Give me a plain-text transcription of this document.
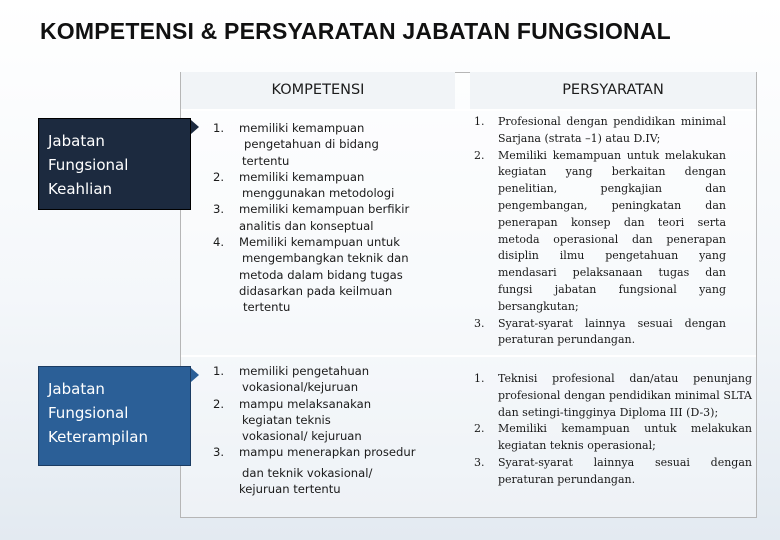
KOMPETENSI & PERSYARATAN JABATAN FUNGSIONAL
KOMPETENSI	PERSYARATAN
Jabatan
Fungsional
Keahlian
1. memiliki kemampuan
pengetahuan di bidang
tertentu
2. memiliki kemampuan
menggunakan metodologi
3. memiliki kemampuan berfikir
analitis dan konseptual
4. Memiliki kemampuan untuk
mengembangkan teknik dan
metoda dalam bidang tugas
didasarkan pada keilmuan
tertentu
1. Profesional dengan pendidikan minimal Sarjana (strata –1) atau D.IV;
2. Memiliki kemampuan untuk melakukan kegiatan yang berkaitan dengan penelitian, pengkajian dan pengembangan, peningkatan dan penerapan konsep dan teori serta metoda operasional dan penerapan disiplin ilmu pengetahuan yang mendasari pelaksanaan tugas dan fungsi jabatan fungsional yang bersangkutan;
3. Syarat-syarat lainnya sesuai dengan peraturan perundangan.
Jabatan
Fungsional
Keterampilan
1. memiliki pengetahuan
vokasional/kejuruan
2. mampu melaksanakan
kegiatan teknis
vokasional/ kejuruan
3. mampu menerapkan prosedur
dan teknik vokasional/
kejuruan tertentu
1. Teknisi profesional dan/atau penunjang profesional dengan pendidikan minimal SLTA dan setingi-tingginya Diploma III (D-3);
2. Memiliki kemampuan untuk melakukan kegiatan teknis operasional;
3. Syarat-syarat lainnya sesuai dengan peraturan perundangan.
